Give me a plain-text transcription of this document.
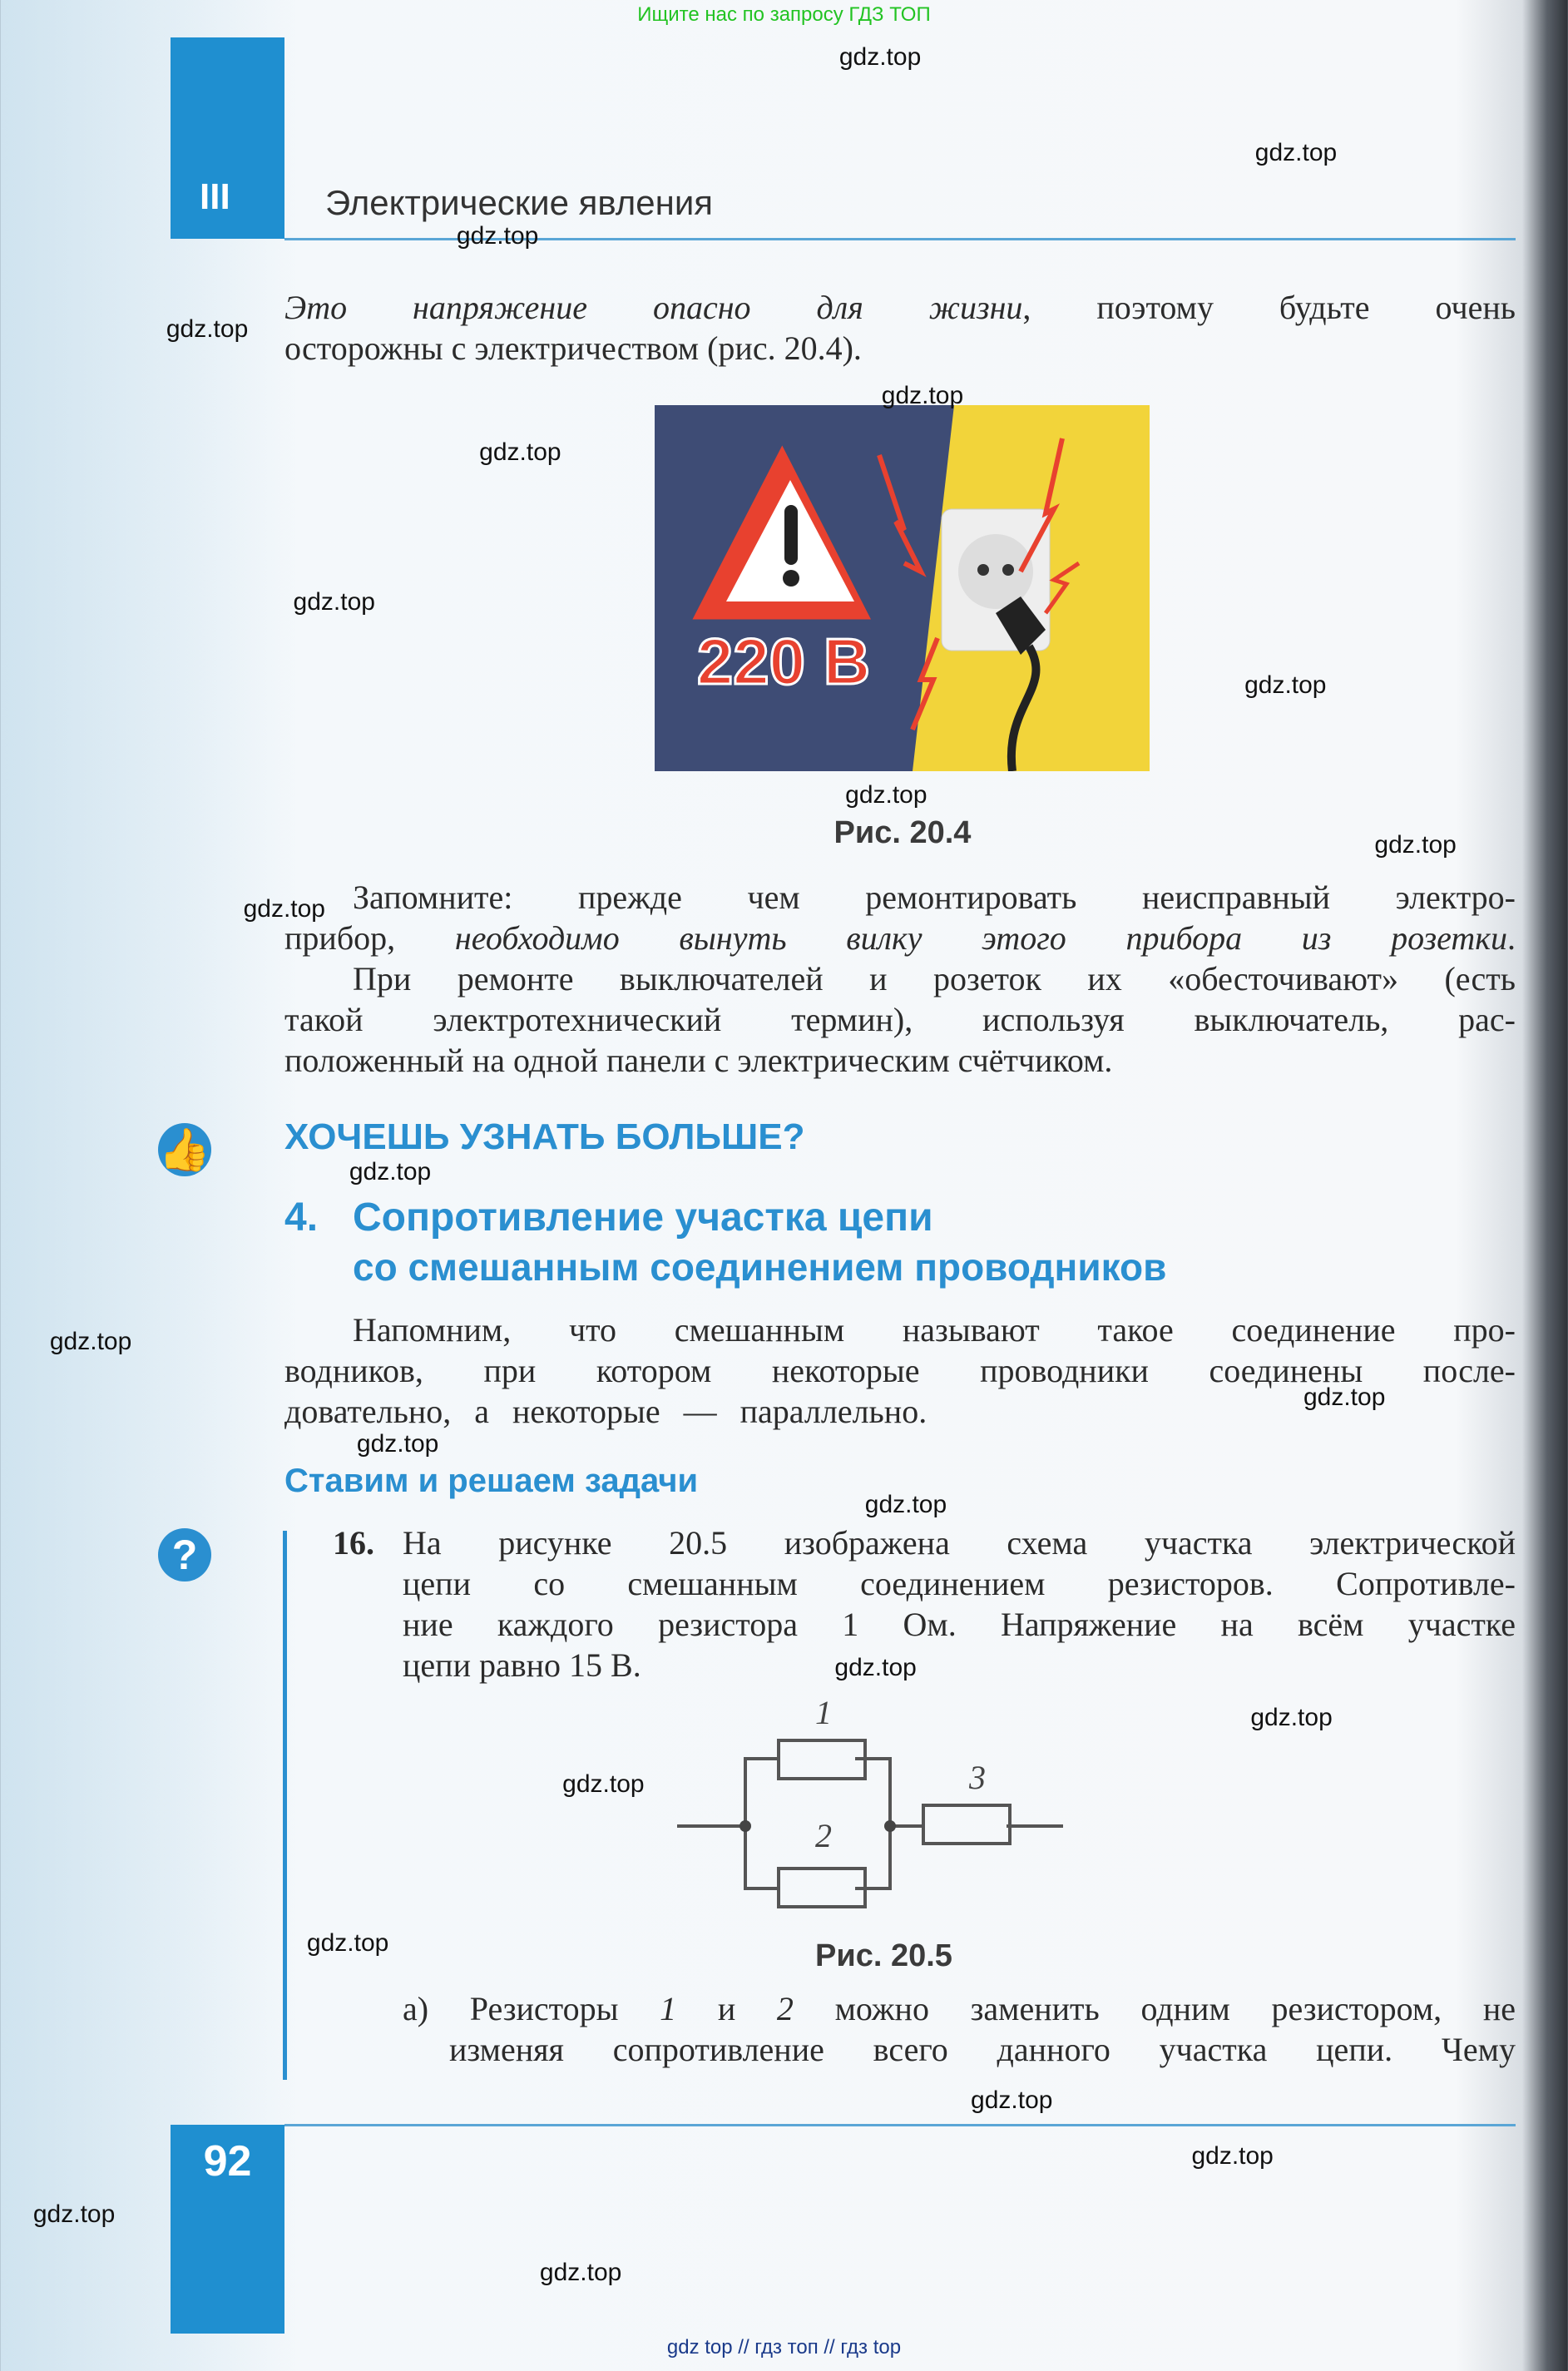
Ищите нас по запросу ГДЗ ТОП
III	Электрические явления
Это напряжение опасно для жизни, поэтому будьте очень
осторожны с электричеством (рис. 20.4).
220 В
Рис. 20.4
Запомните: прежде чем ремонтировать неисправный электро-
прибор, необходимо вынуть вилку этого прибора из розетки.
При ремонте выключателей и розеток их «обесточивают» (есть
такой электротехнический термин), используя выключатель, рас-
положенный на одной панели с электрическим счётчиком.
👍 ХОЧЕШЬ УЗНАТЬ БОЛЬШЕ?
4. Сопротивление участка цепи
со смешанным соединением проводников
Напомним, что смешанным называют такое соединение про-
водников, при котором некоторые проводники соединены после-
довательно, а некоторые — параллельно.
Ставим и решаем задачи
?	16. На рисунке 20.5 изображена схема участка электрической
цепи со смешанным соединением резисторов. Сопротивле-
ние каждого резистора 1 Ом. Напряжение на всём участке
цепи равно 15 В.
1
2
3
Рис. 20.5
а) Резисторы 1 и 2 можно заменить одним резистором, не
изменяя сопротивление всего данного участка цепи. Чему
92
gdz top // гдз топ // гдз top
gdz.top
gdz.top
gdz.top
gdz.top
gdz.top
gdz.top
gdz.top
gdz.top
gdz.top
gdz.top
gdz.top
gdz.top
gdz.top
gdz.top
gdz.top
gdz.top
gdz.top
gdz.top
gdz.top
gdz.top
gdz.top
gdz.top
gdz.top
gdz.top
